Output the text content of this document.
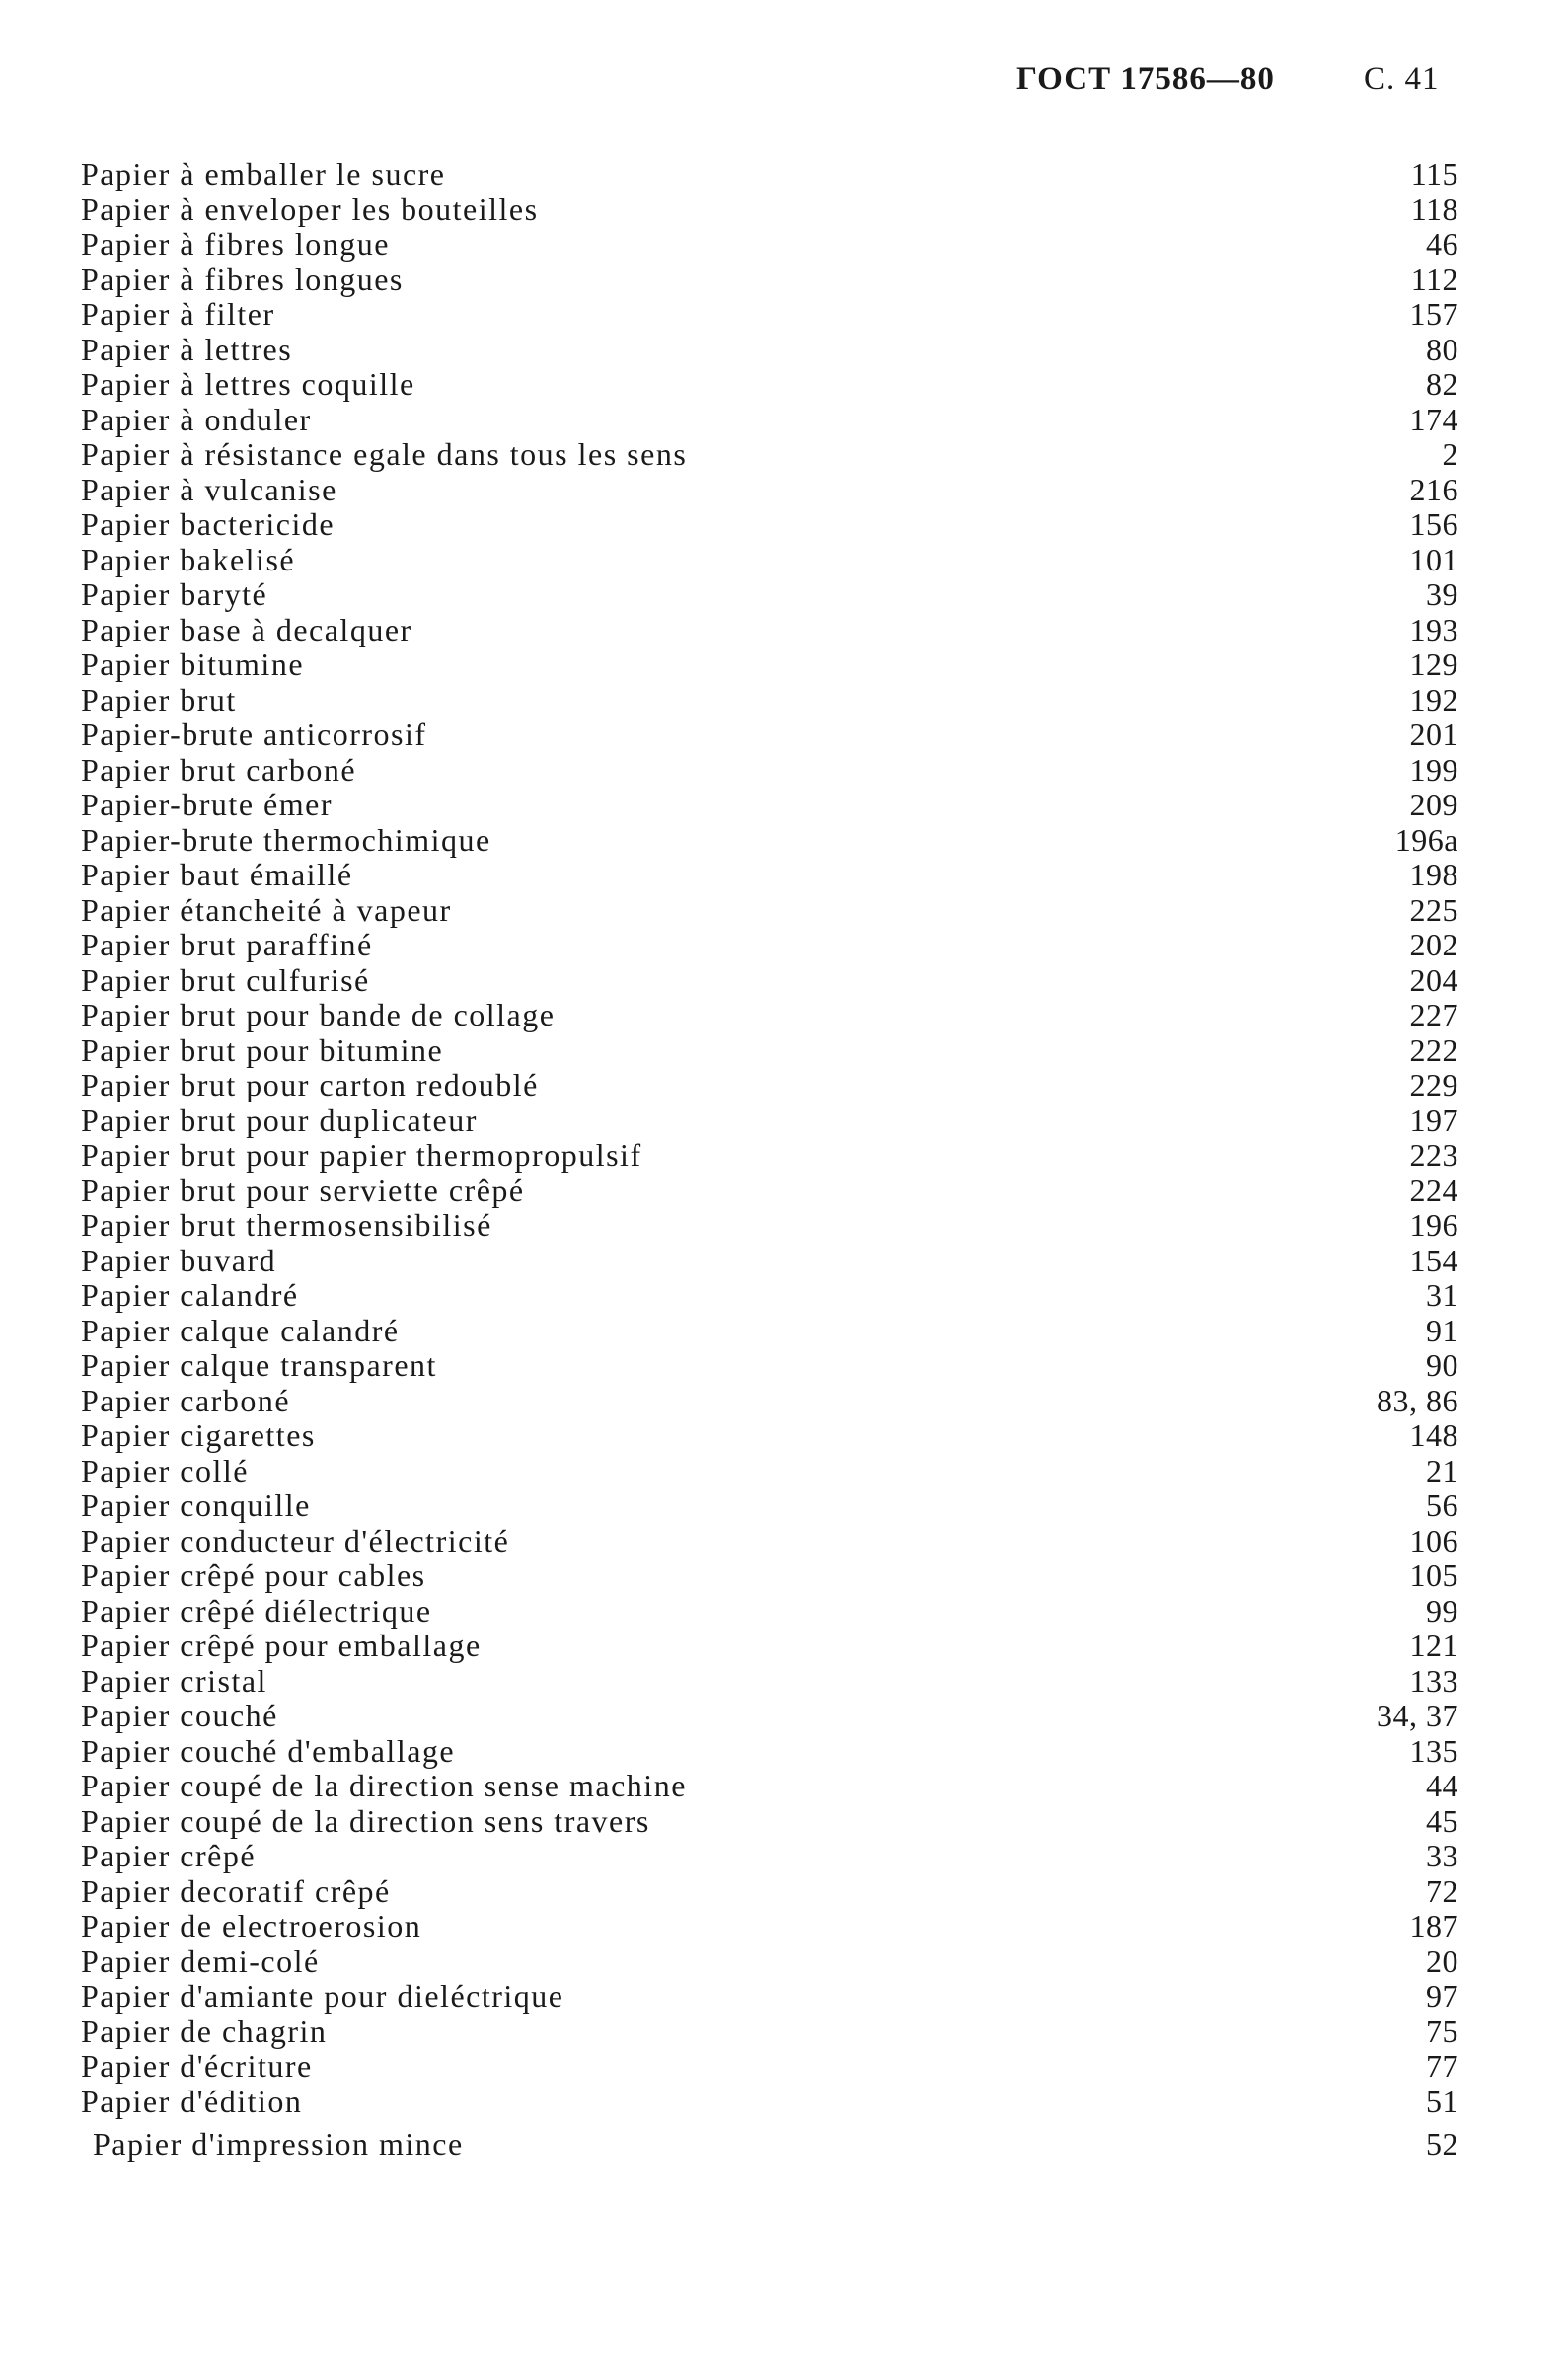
ГОСТ 17586—80	С. 41
Papier à emballer le sucre	115
Papier à enveloper les bouteilles	118
Papier à fibres longue	46
Papier à fibres longues	112
Papier à filter	157
Papier à lettres	80
Papier à lettres coquille	82
Papier à onduler	174
Papier à résistance egale dans tous les sens	2
Papier à vulcanise	216
Papier bactericide	156
Papier bakelisé	101
Papier baryté	39
Papier base à decalquer	193
Papier bitumine	129
Papier brut	192
Papier-brute anticorrosif	201
Papier brut carboné	199
Papier-brute émer	209
Papier-brute thermochimique	196a
Papier baut émaillé	198
Papier étancheité à vapeur	225
Papier brut paraffiné	202
Papier brut culfurisé	204
Papier brut pour bande de collage	227
Papier brut pour bitumine	222
Papier brut pour carton redoublé	229
Papier brut pour duplicateur	197
Papier brut pour papier thermopropulsif	223
Papier brut pour serviette crêpé	224
Papier brut thermosensibilisé	196
Papier buvard	154
Papier calandré	31
Papier calque calandré	91
Papier calque transparent	90
Papier carboné	83, 86
Papier cigarettes	148
Papier collé	21
Papier conquille	56
Papier conducteur d'électricité	106
Papier crêpé pour cables	105
Papier crêpé diélectrique	99
Papier crêpé pour emballage	121
Papier cristal	133
Papier couché	34, 37
Papier couché d'emballage	135
Papier coupé de la direction sense machine	44
Papier coupé de la direction sens travers	45
Papier crêpé	33
Papier decoratif crêpé	72
Papier de electroerosion	187
Papier demi-colé	20
Papier d'amiante pour dieléctrique	97
Papier de chagrin	75
Papier d'écriture	77
Papier d'édition	51
Papier d'impression mince	52
